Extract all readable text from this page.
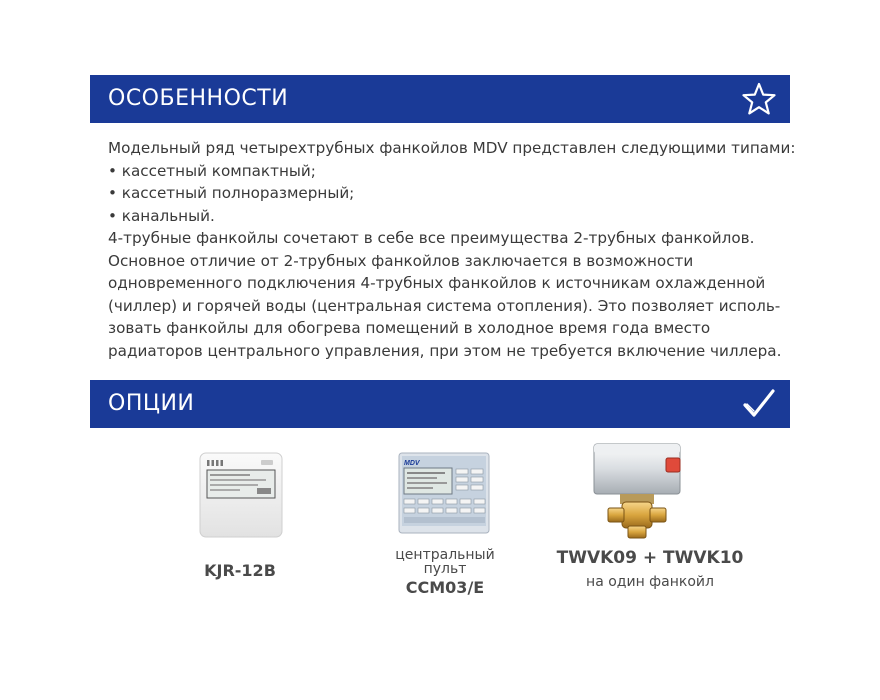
ОСОБЕННОСТИ
Модельный ряд четырехтрубных фанкойлов MDV представлен следующими типами:
• кассетный компактный;
• кассетный полноразмерный;
• канальный.
4-трубные фанкойлы сочетают в себе все преимущества 2-трубных фанкойлов.
Основное отличие от 2-трубных фанкойлов заключается в возможности
одновременного подключения 4-трубных фанкойлов к источникам охлажденной
(чиллер) и горячей воды (центральная система отопления). Это позволяет исполь-
зовать фанкойлы для обогрева помещений в холодное время года вместо
радиаторов центрального управления, при этом не требуется включение чиллера.
ОПЦИИ
KJR-12B
MDV
центральный пульт
CCM03/E
TWVK09 + TWVK10
на один фанкойл
